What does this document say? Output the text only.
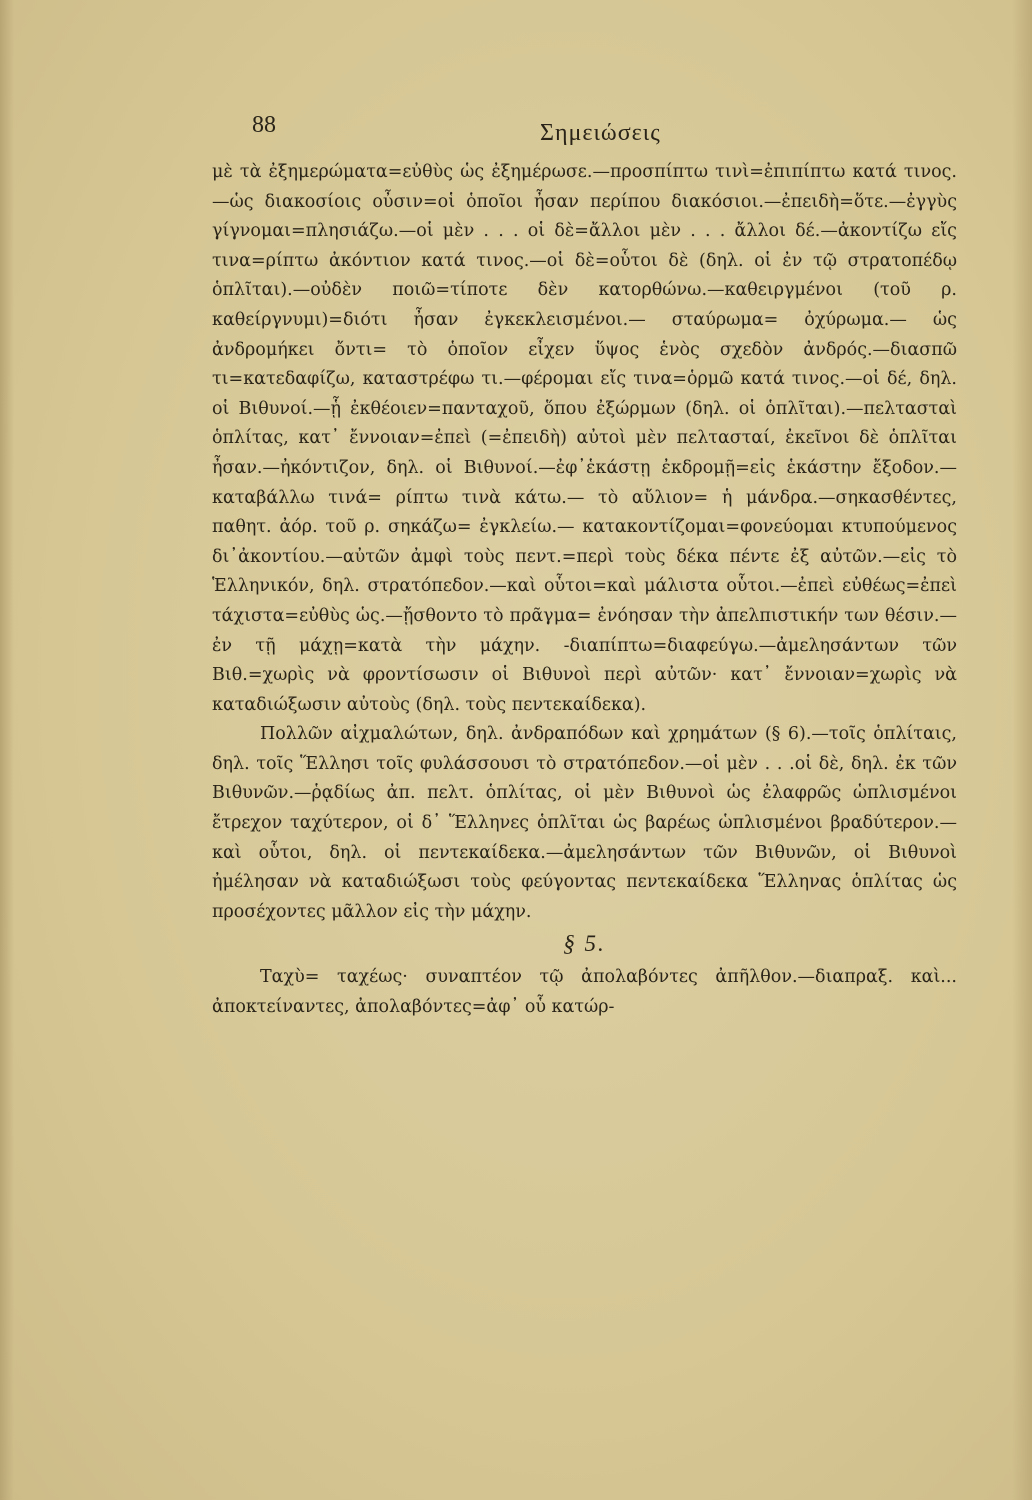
88	Σημειώσεις

μὲ τὰ ἐξημερώματα=εὐθὺς ὡς ἐξημέρωσε.—προσπίπτω τινὶ=ἐπιπίπτω κατά τινος.—ὡς διακοσίοις οὖσιν=οἱ ὁποῖοι ἦσαν περίπου διακόσιοι.—ἐπειδὴ=ὅτε.—ἐγγὺς γίγνομαι=πλησιάζω.—οἱ μὲν . . . οἱ δὲ=ἄλλοι μὲν . . . ἄλλοι δέ.—ἀκοντίζω εἴς τινα=ρίπτω ἀκόντιον κατά τινος.—οἱ δὲ=οὗτοι δὲ (δηλ. οἱ ἐν τῷ στρατοπέδῳ ὁπλῖται).—οὐδὲν ποιῶ=τίποτε δὲν κατορθώνω.—καθειργμένοι (τοῦ ρ. καθείργνυμι)=διότι ἦσαν ἐγκεκλεισμένοι.— σταύρωμα= ὀχύρωμα.— ὡς ἀνδρομήκει ὄντι= τὸ ὁποῖον εἶχεν ὕψος ἑνὸς σχεδὸν ἀνδρός.—διασπῶ τι=κατεδαφίζω, καταστρέφω τι.—φέρομαι εἴς τινα=ὁρμῶ κατά τινος.—οἱ δέ, δηλ. οἱ Βιθυνοί.—ᾗ ἐκθέοιεν=πανταχοῦ, ὅπου ἐξώρμων (δηλ. οἱ ὁπλῖται).—πελτασταὶ ὁπλίτας, κατ᾽ ἔννοιαν=ἐπεὶ (=ἐπειδὴ) αὐτοὶ μὲν πελτασταί, ἐκεῖνοι δὲ ὁπλῖται ἦσαν.—ἠκόντιζον, δηλ. οἱ Βιθυνοί.—ἐφ᾽ἑκάστῃ ἐκδρομῇ=εἰς ἑκάστην ἔξοδον.—καταβάλλω τινά= ρίπτω τινὰ κάτω.— τὸ αὔλιον= ἡ μάνδρα.—σηκασθέντες, παθητ. ἀόρ. τοῦ ρ. σηκάζω= ἐγκλείω.— κατακοντίζομαι=φονεύομαι κτυπούμενος δι᾽ἀκοντίου.—αὐτῶν ἀμφὶ τοὺς πεντ.=περὶ τοὺς δέκα πέντε ἐξ αὐτῶν.—εἰς τὸ Ἑλληνικόν, δηλ. στρατόπεδον.—καὶ οὗτοι=καὶ μάλιστα οὗτοι.—ἐπεὶ εὐθέως=ἐπεὶ τάχιστα=εὐθὺς ὡς.—ᾔσθοντο τὸ πρᾶγμα= ἐνόησαν τὴν ἀπελπιστικήν των θέσιν.—ἐν τῇ μάχῃ=κατὰ τὴν μάχην. -διαπίπτω=διαφεύγω.—ἀμελησάντων τῶν Βιθ.=χωρὶς νὰ φροντίσωσιν οἱ Βιθυνοὶ περὶ αὐτῶν· κατ᾽ ἔννοιαν=χωρὶς νὰ καταδιώξωσιν αὐτοὺς (δηλ. τοὺς πεντεκαίδεκα).

Πολλῶν αἰχμαλώτων, δηλ. ἀνδραπόδων καὶ χρημάτων (§ 6).—τοῖς ὁπλίταις, δηλ. τοῖς Ἕλλησι τοῖς φυλάσσουσι τὸ στρατόπεδον.—οἱ μὲν . . .οἱ δὲ, δηλ. ἐκ τῶν Βιθυνῶν.—ῥᾳδίως ἀπ. πελτ. ὁπλίτας, οἱ μὲν Βιθυνοὶ ὡς ἐλαφρῶς ὡπλισμένοι ἔτρεχον ταχύτερον, οἱ δ᾽ Ἕλληνες ὁπλῖται ὡς βαρέως ὡπλισμένοι βραδύτερον.—καὶ οὗτοι, δηλ. οἱ πεντεκαίδεκα.—ἀμελησάντων τῶν Βιθυνῶν, οἱ Βιθυνοὶ ἠμέλησαν νὰ καταδιώξωσι τοὺς φεύγοντας πεντεκαίδεκα Ἕλληνας ὁπλίτας ὡς προσέχοντες μᾶλλον εἰς τὴν μάχην.

§ 5.

Ταχὺ= ταχέως· συναπτέον τῷ ἀπολαβόντες ἀπῆλθον.—διαπραξ. καὶ... ἀποκτείναντες, ἀπολαβόντες=ἀφ᾽ οὗ κατώρ-
